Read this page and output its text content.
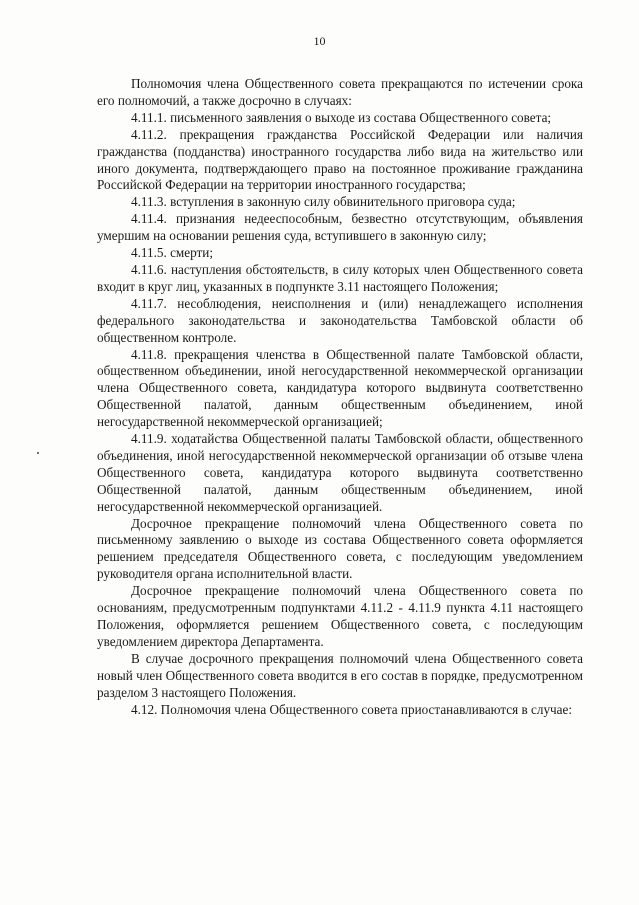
10

Полномочия члена Общественного совета прекращаются по истечении срока его полномочий, а также досрочно в случаях:

4.11.1. письменного заявления о выходе из состава Общественного совета;

4.11.2. прекращения гражданства Российской Федерации или наличия гражданства (подданства) иностранного государства либо вида на жительство или иного документа, подтверждающего право на постоянное проживание гражданина Российской Федерации на территории иностранного государства;

4.11.3. вступления в законную силу обвинительного приговора суда;

4.11.4. признания недееспособным, безвестно отсутствующим, объявления умершим на основании решения суда, вступившего в законную силу;

4.11.5. смерти;

4.11.6. наступления обстоятельств, в силу которых член Общественного совета входит в круг лиц, указанных в подпункте 3.11 настоящего Положения;

4.11.7. несоблюдения, неисполнения и (или) ненадлежащего исполнения федерального законодательства и законодательства Тамбовской области об общественном контроле.

4.11.8. прекращения членства в Общественной палате Тамбовской области, общественном объединении, иной негосударственной некоммерческой организации члена Общественного совета, кандидатура которого выдвинута соответственно Общественной палатой, данным общественным объединением, иной негосударственной некоммерческой организацией;

4.11.9. ходатайства Общественной палаты Тамбовской области, общественного объединения, иной негосударственной некоммерческой организации об отзыве члена Общественного совета, кандидатура которого выдвинута соответственно Общественной палатой, данным общественным объединением, иной негосударственной некоммерческой организацией.

Досрочное прекращение полномочий члена Общественного совета по письменному заявлению о выходе из состава Общественного совета оформляется решением председателя Общественного совета, с последующим уведомлением руководителя органа исполнительной власти.

Досрочное прекращение полномочий члена Общественного совета по основаниям, предусмотренным подпунктами 4.11.2 - 4.11.9 пункта 4.11 настоящего Положения, оформляется решением Общественного совета, с последующим уведомлением директора Департамента.

В случае досрочного прекращения полномочий члена Общественного совета новый член Общественного совета вводится в его состав в порядке, предусмотренном разделом 3 настоящего Положения.

4.12. Полномочия члена Общественного совета приостанавливаются в случае:
